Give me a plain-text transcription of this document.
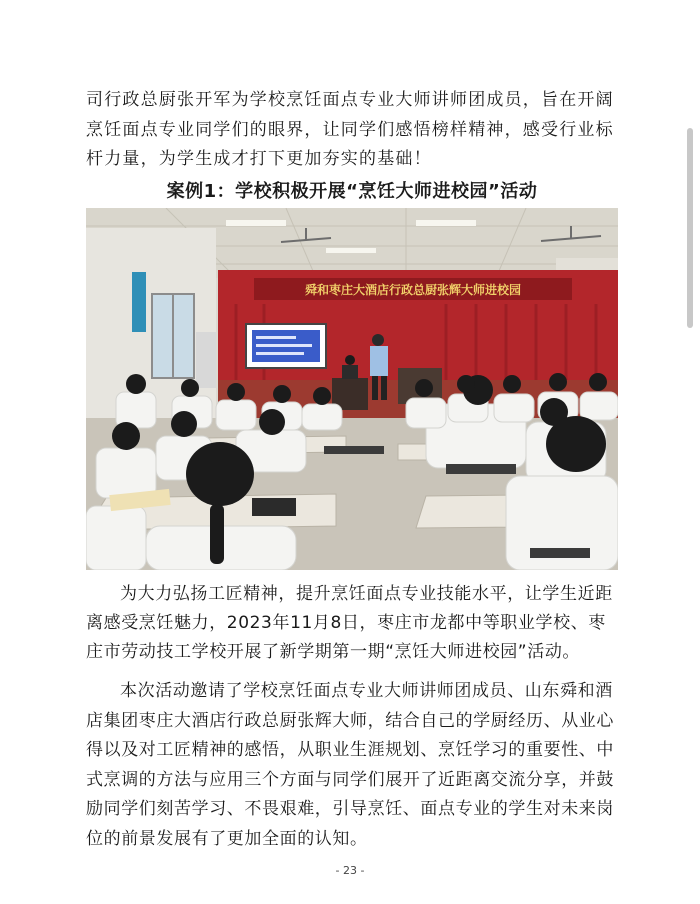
司行政总厨张开军为学校烹饪面点专业大师讲师团成员，旨在开阔烹饪面点专业同学们的眼界，让同学们感悟榜样精神，感受行业标杆力量，为学生成才打下更加夯实的基础！

案例1：学校积极开展“烹饪大师进校园”活动
舜和枣庄大酒店行政总厨张辉大师进校园

为大力弘扬工匠精神，提升烹饪面点专业技能水平，让学生近距离感受烹饪魅力，2023年11月8日，枣庄市龙都中等职业学校、枣庄市劳动技工学校开展了新学期第一期“烹饪大师进校园”活动。

本次活动邀请了学校烹饪面点专业大师讲师团成员、山东舜和酒店集团枣庄大酒店行政总厨张辉大师，结合自己的学厨经历、从业心得以及对工匠精神的感悟，从职业生涯规划、烹饪学习的重要性、中式烹调的方法与应用三个方面与同学们展开了近距离交流分享，并鼓励同学们刻苦学习、不畏艰难，引导烹饪、面点专业的学生对未来岗位的前景发展有了更加全面的认知。

- 23 -
